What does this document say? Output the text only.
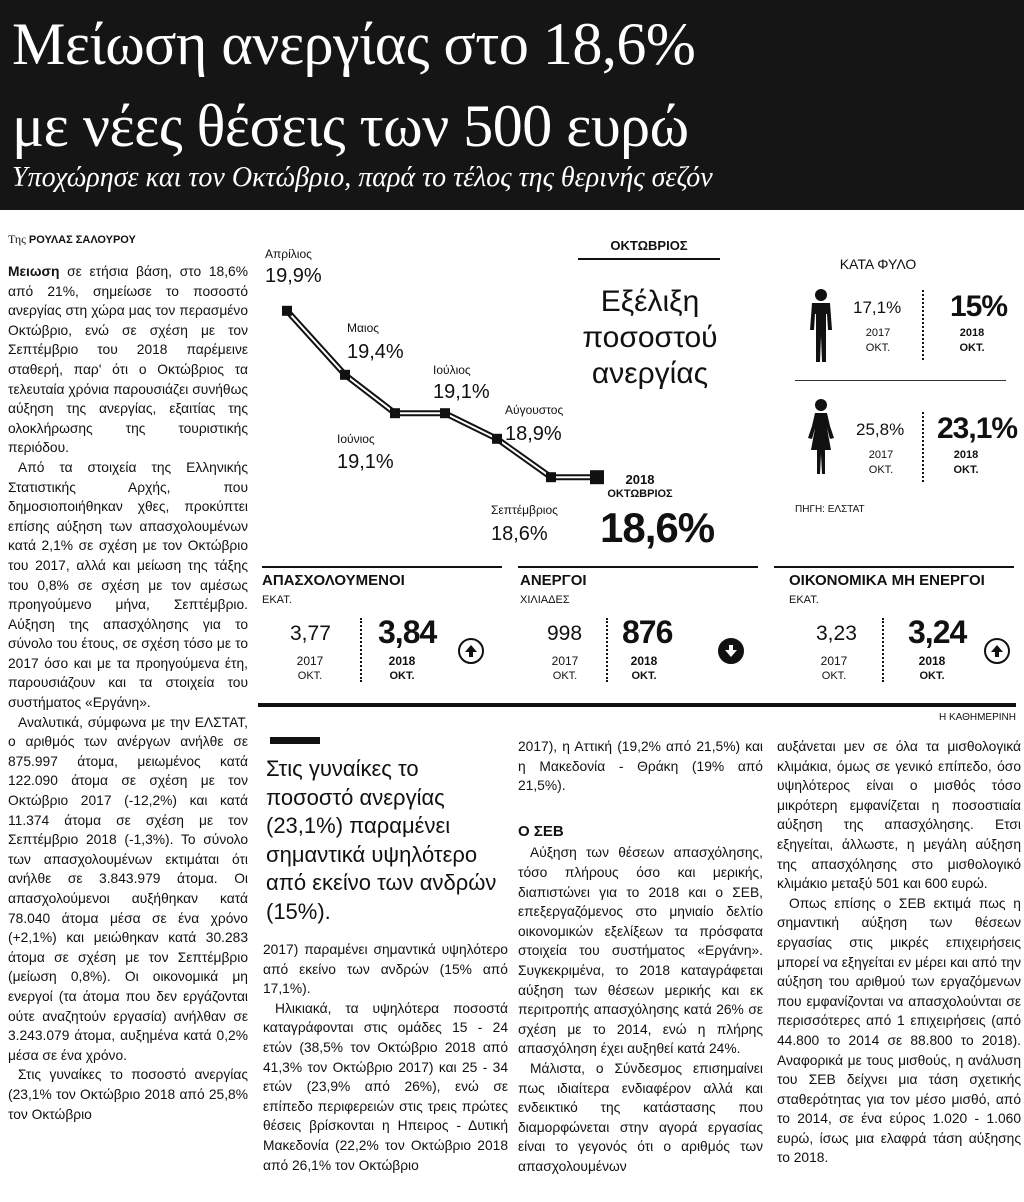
Μείωση ανεργίας στο 18,6%
με νέες θέσεις των 500 ευρώ
Υποχώρησε και τον Οκτώβριο, παρά το τέλος της θερινής σεζόν
Της ΡΟΥΛΑΣ ΣΑΛΟΥΡΟΥ

Μειωση σε ετήσια βάση, στο 18,6% από 21%, σημείωσε το ποσοστό ανεργίας στη χώρα μας τον περασμένο Οκτώβριο, ενώ σε σχέση με τον Σεπτέμβριο του 2018 παρέμεινε σταθερή, παρ' ότι ο Οκτώβριος τα τελευταία χρόνια παρουσιάζει συνήθως αύξηση της ανεργίας, εξαιτίας της ολοκλήρωσης της τουριστικής περιόδου.

Από τα στοιχεία της Ελληνικής Στατιστικής Αρχής, που δημοσιοποιήθηκαν χθες, προκύπτει επίσης αύξηση των απασχολουμένων κατά 2,1% σε σχέση με τον Οκτώβριο του 2017, αλλά και μείωση της τάξης του 0,8% σε σχέση με τον αμέσως προηγούμενο μήνα, Σεπτέμβριο. Αύξηση της απασχόλησης για το σύνολο του έτους, σε σχέση τόσο με το 2017 όσο και με τα προηγούμενα έτη, παρουσιάζουν και τα στοιχεία του συστήματος «Εργάνη».

Αναλυτικά, σύμφωνα με την ΕΛΣΤΑΤ, ο αριθμός των ανέργων ανήλθε σε 875.997 άτομα, μειωμένος κατά 122.090 άτομα σε σχέση με τον Οκτώβριο 2017 (-12,2%) και κατά 11.374 άτομα σε σχέση με τον Σεπτέμβριο 2018 (-1,3%). Το σύνολο των απασχολουμένων εκτιμάται ότι ανήλθε σε 3.843.979 άτομα. Οι απασχολούμενοι αυξήθηκαν κατά 78.040 άτομα μέσα σε ένα χρόνο (+2,1%) και μειώθηκαν κατά 30.283 άτομα σε σχέση με τον Σεπτέμβριο (μείωση 0,8%). Οι οικονομικά μη ενεργοί (τα άτομα που δεν εργάζονται ούτε αναζητούν εργασία) ανήλθαν σε 3.243.079 άτομα, αυξημένα κατά 0,2% μέσα σε ένα χρόνο.

Στις γυναίκες το ποσοστό ανεργίας (23,1% τον Οκτώβριο 2018 από 25,8% τον Οκτώβριο

Απρίλιος
19,9%
Μαιος
19,4%
Ιούνιος
19,1%
Ιούλιος
19,1%
Αύγουστος
18,9%
Σεπτέμβριος
18,6%
ΟΚΤΩΒΡΙΟΣ
Εξέλιξη ποσοστού ανεργίας
2018
ΟΚΤΩΒΡΙΟΣ
18,6%
ΚΑΤΑ ΦΥΛΟ
17,1%
2017
ΟΚΤ.
15%
2018
ΟΚΤ.
25,8%
2017
ΟΚΤ.
23,1%
2018
ΟΚΤ.
ΠΗΓΗ: ΕΛΣΤΑΤ
ΑΠΑΣΧΟΛΟΥΜΕΝΟΙ
ΕΚΑΤ.
3,77
2017
ΟΚΤ.
3,84
2018
ΟΚΤ.
ΑΝΕΡΓΟΙ
ΧΙΛΙΑΔΕΣ
998
2017
ΟΚΤ.
876
2018
ΟΚΤ.
ΟΙΚΟΝΟΜΙΚΑ ΜΗ ΕΝΕΡΓΟΙ
ΕΚΑΤ.
3,23
2017
ΟΚΤ.
3,24
2018
ΟΚΤ.
Η ΚΑΘΗΜΕΡΙΝΗ
Στις γυναίκες το ποσοστό ανεργίας (23,1%) παραμένει σημαντικά υψηλότερο από εκείνο των ανδρών (15%).

2017) παραμένει σημαντικά υψηλότερο από εκείνο των ανδρών (15% από 17,1%).

Ηλικιακά, τα υψηλότερα ποσοστά καταγράφονται στις ομάδες 15 - 24 ετών (38,5% τον Οκτώβριο 2018 από 41,3% τον Οκτώβριο 2017) και 25 - 34 ετών (23,9% από 26%), ενώ σε επίπεδο περιφερειών στις τρεις πρώτες θέσεις βρίσκονται η Ηπειρος - Δυτική Μακεδονία (22,2% τον Οκτώβριο 2018 από 26,1% τον Οκτώβριο

2017), η Αττική (19,2% από 21,5%) και η Μακεδονία - Θράκη (19% από 21,5%).

Ο ΣΕΒ

Αύξηση των θέσεων απασχόλησης, τόσο πλήρους όσο και μερικής, διαπιστώνει για το 2018 και ο ΣΕΒ, επεξεργαζόμενος στο μηνιαίο δελτίο οικονομικών εξελίξεων τα πρόσφατα στοιχεία του συστήματος «Εργάνη». Συγκεκριμένα, το 2018 καταγράφεται αύξηση των θέσεων μερικής και εκ περιτροπής απασχόλησης κατά 26% σε σχέση με το 2014, ενώ η πλήρης απασχόληση έχει αυξηθεί κατά 24%.

Μάλιστα, ο Σύνδεσμος επισημαίνει πως ιδιαίτερα ενδιαφέρον αλλά και ενδεικτικό της κατάστασης που διαμορφώνεται στην αγορά εργασίας είναι το γεγονός ότι ο αριθμός των απασχολουμένων

αυξάνεται μεν σε όλα τα μισθολογικά κλιμάκια, όμως σε γενικό επίπεδο, όσο υψηλότερος είναι ο μισθός τόσο μικρότερη εμφανίζεται η ποσοστιαία αύξηση της απασχόλησης. Ετσι εξηγείται, άλλωστε, η μεγάλη αύξηση της απασχόλησης στο μισθολογικό κλιμάκιο μεταξύ 501 και 600 ευρώ.

Οπως επίσης ο ΣΕΒ εκτιμά πως η σημαντική αύξηση των θέσεων εργασίας στις μικρές επιχειρήσεις μπορεί να εξηγείται εν μέρει και από την αύξηση του αριθμού των εργαζόμενων που εμφανίζονται να απασχολούνται σε περισσότερες από 1 επιχειρήσεις (από 44.800 το 2014 σε 88.800 το 2018). Αναφορικά με τους μισθούς, η ανάλυση του ΣΕΒ δείχνει μια τάση σχετικής σταθερότητας για τον μέσο μισθό, από το 2014, σε ένα εύρος 1.020 - 1.060 ευρώ, ίσως μια ελαφρά τάση αύξησης το 2018.
